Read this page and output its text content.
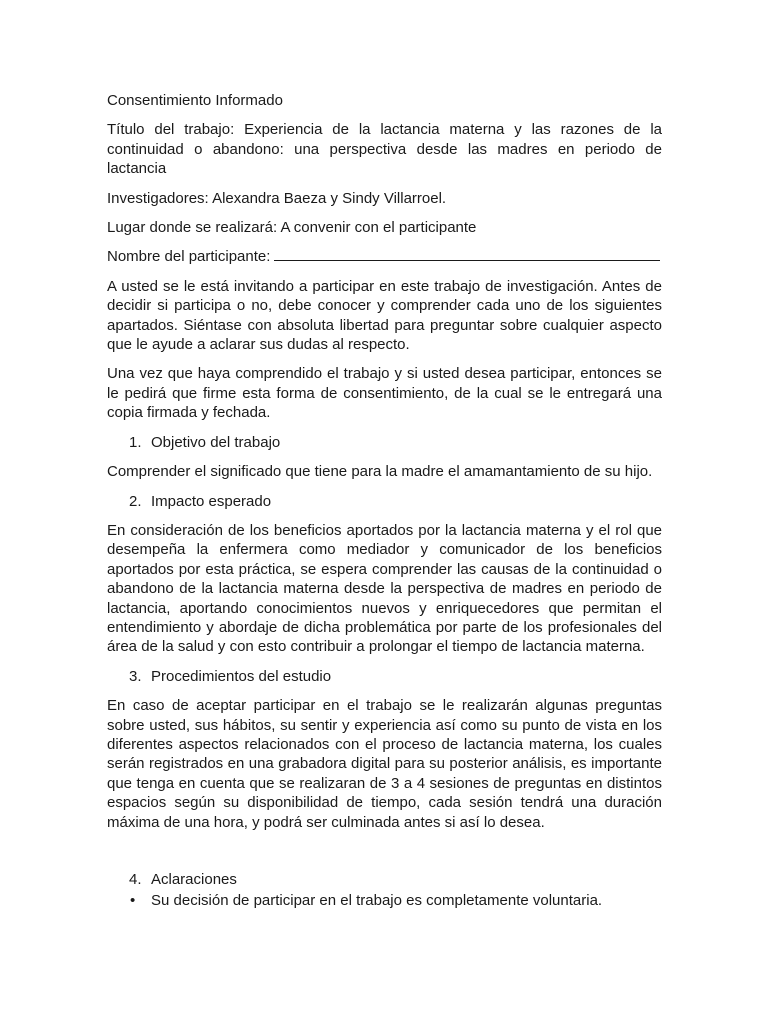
Consentimiento Informado

Título del trabajo: Experiencia de la lactancia materna y las razones de la continuidad o abandono: una perspectiva desde las madres en periodo de lactancia

Investigadores: Alexandra Baeza y Sindy Villarroel.

Lugar donde se realizará: A convenir con el participante

Nombre del participante:

A usted se le está invitando a participar en este trabajo de investigación. Antes de decidir si participa o no, debe conocer y comprender cada uno de los siguientes apartados. Siéntase con absoluta libertad para preguntar sobre cualquier aspecto que le ayude a aclarar sus dudas al respecto.

Una vez que haya comprendido el trabajo y si usted desea participar, entonces se le pedirá que firme esta forma de consentimiento, de la cual se le entregará una copia firmada y fechada.

1. Objetivo del trabajo

Comprender el significado que tiene para la madre el amamantamiento de su hijo.

2. Impacto esperado

En consideración de los beneficios aportados por la lactancia materna y el rol que desempeña la enfermera como mediador y comunicador de los beneficios aportados por esta práctica, se espera comprender las causas de la continuidad o abandono de la lactancia materna desde la perspectiva de madres en periodo de lactancia, aportando conocimientos nuevos y enriquecedores que permitan el entendimiento y abordaje de dicha problemática por parte de los profesionales del área de la salud y con esto contribuir a prolongar el tiempo de lactancia materna.

3. Procedimientos del estudio

En caso de aceptar participar en el trabajo se le realizarán algunas preguntas sobre usted, sus hábitos, su sentir y experiencia así como su punto de vista en los diferentes aspectos relacionados con el proceso de lactancia materna, los cuales serán registrados en una grabadora digital para su posterior análisis, es importante que tenga en cuenta que se realizaran de 3 a 4 sesiones de preguntas en distintos espacios según su disponibilidad de tiempo, cada sesión tendrá una duración máxima de una hora, y podrá ser culminada antes si así lo desea.

4. Aclaraciones

• Su decisión de participar en el trabajo es completamente voluntaria.
